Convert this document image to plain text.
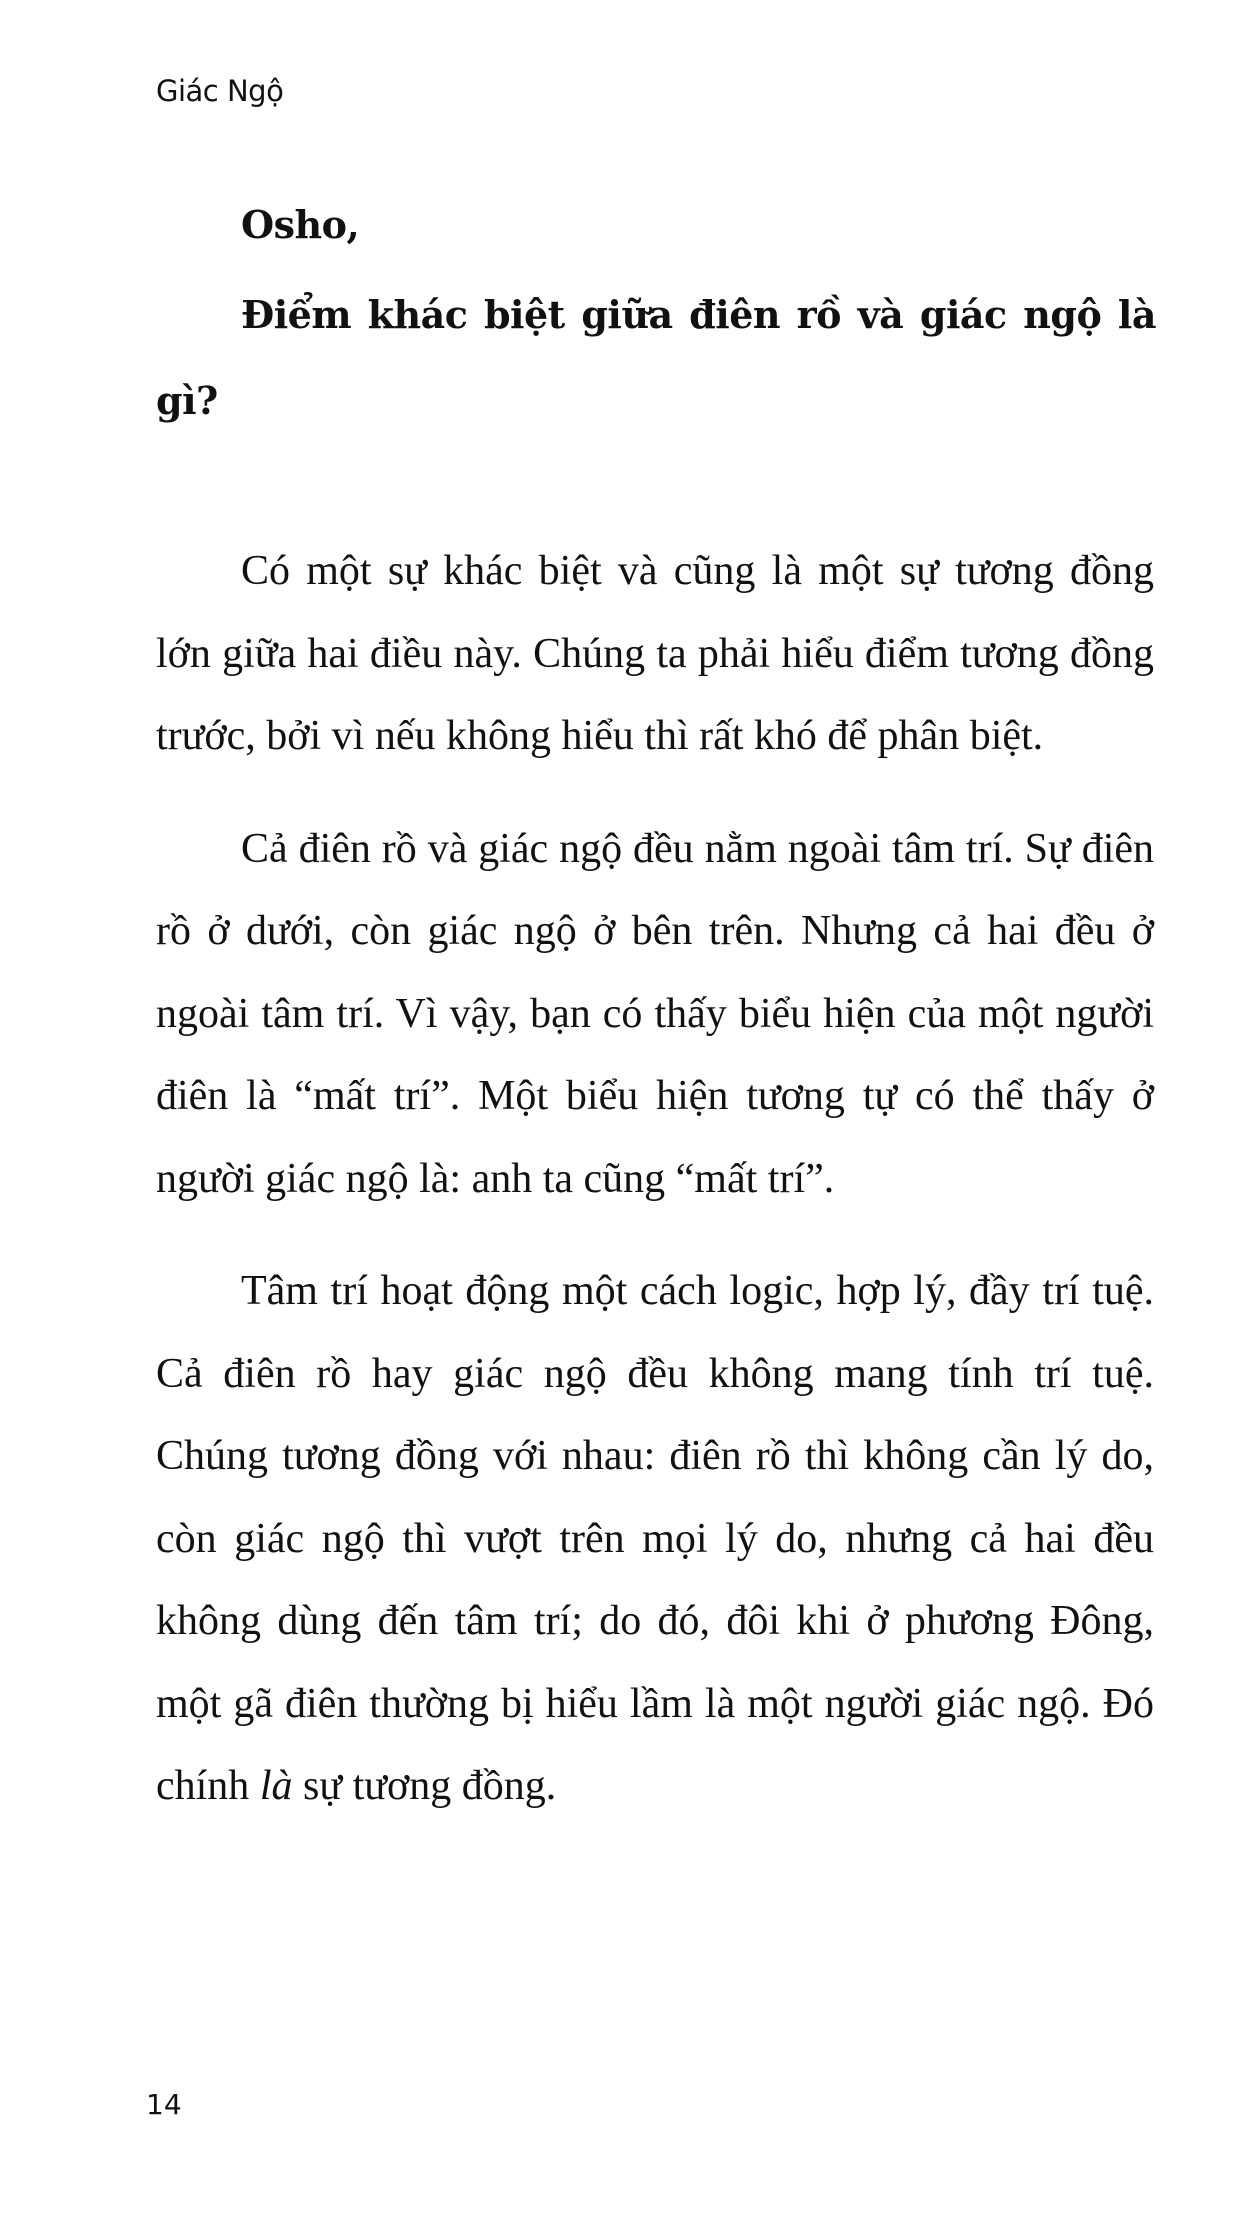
Giác Ngộ
Osho,

Điểm khác biệt giữa điên rồ và giác ngộ là gì?

Có một sự khác biệt và cũng là một sự tương đồng lớn giữa hai điều này. Chúng ta phải hiểu điểm tương đồng trước, bởi vì nếu không hiểu thì rất khó để phân biệt.

Cả điên rồ và giác ngộ đều nằm ngoài tâm trí. Sự điên rồ ở dưới, còn giác ngộ ở bên trên. Nhưng cả hai đều ở ngoài tâm trí. Vì vậy, bạn có thấy biểu hiện của một người điên là “mất trí”. Một biểu hiện tương tự có thể thấy ở người giác ngộ là: anh ta cũng “mất trí”.

Tâm trí hoạt động một cách logic, hợp lý, đầy trí tuệ. Cả điên rồ hay giác ngộ đều không mang tính trí tuệ. Chúng tương đồng với nhau: điên rồ thì không cần lý do, còn giác ngộ thì vượt trên mọi lý do, nhưng cả hai đều không dùng đến tâm trí; do đó, đôi khi ở phương Đông, một gã điên thường bị hiểu lầm là một người giác ngộ. Đó chính là sự tương đồng.

14
